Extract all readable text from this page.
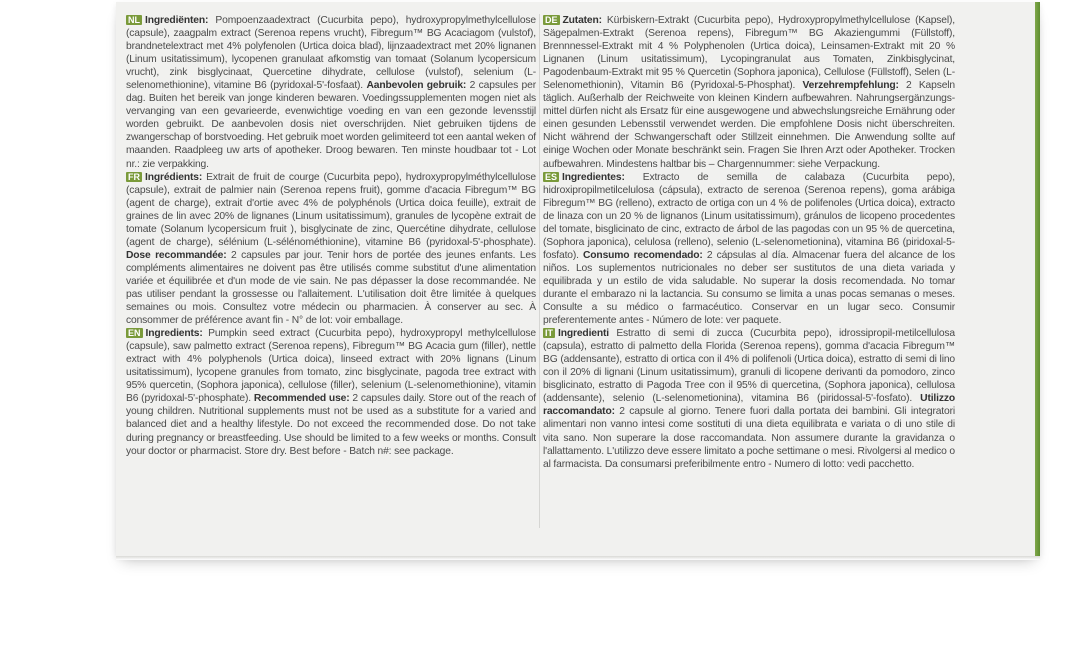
NL Ingrediënten: Pompoenzaadextract (Cucurbita pepo), hydroxypropylmethylcellulose (capsule), zaagpalm extract (Serenoa repens vrucht), Fibregum™ BG Acaciagom (vulstof), brandnetelextract met 4% polyfenolen (Urtica doica blad), lijnzaadextract met 20% lignanen (Linum usitatissimum), lycopenen granulaat afkomstig van tomaat (Solanum lycopersicum vrucht), zink bisglycinaat, Quercetine dihydrate, cellulose (vulstof), selenium (L-selenomethionine), vitamine B6 (pyridoxal-5'-fosfaat). Aanbevolen gebruik: 2 capsules per dag. Buiten het bereik van jonge kinderen bewaren. Voedingssupplementen mogen niet als vervanging van een gevarieerde, evenwichtige voeding en van een gezonde levensstijl worden gebruikt. De aanbevolen dosis niet overschrijden. Niet gebruiken tijdens de zwangerschap of borstvoeding. Het gebruik moet worden gelimiteerd tot een aantal weken of maanden. Raadpleeg uw arts of apotheker. Droog bewaren. Ten minste houdbaar tot - Lot nr.: zie verpakking.
FR Ingrédients: Extrait de fruit de courge (Cucurbita pepo), hydroxypropylméthylcellulose (capsule), extrait de palmier nain (Serenoa repens fruit), gomme d'acacia Fibregum™ BG (agent de charge), extrait d'ortie avec 4% de polyphénols (Urtica doica feuille), extrait de graines de lin avec 20% de lignanes (Linum usitatissimum), granules de lycopène extrait de tomate (Solanum lycopersicum fruit ), bisglycinate de zinc, Quercétine dihydrate, cellulose (agent de charge), sélénium (L-sélénométhionine), vitamine B6 (pyridoxal-5'-phosphate). Dose recommandée: 2 capsules par jour. Tenir hors de portée des jeunes enfants. Les compléments alimentaires ne doivent pas être utilisés comme substitut d'une alimentation variée et équilibrée et d'un mode de vie sain. Ne pas dépasser la dose recommandée. Ne pas utiliser pendant la grossesse ou l'allaitement. L'utilisation doit être limitée à quelques semaines ou mois. Consultez votre médecin ou pharmacien. À conserver au sec. À consommer de préférence avant fin - N° de lot: voir emballage.
EN Ingredients: Pumpkin seed extract (Cucurbita pepo), hydroxypropyl methylcellulose (capsule), saw palmetto extract (Serenoa repens), Fibregum™ BG Acacia gum (filler), nettle extract with 4% polyphenols (Urtica doica), linseed extract with 20% lignans (Linum usitatissimum), lycopene granules from tomato, zinc bisglycinate, pagoda tree extract with 95% quercetin, (Sophora japonica), cellulose (filler), selenium (L-selenomethionine), vitamin B6 (pyridoxal-5'-phosphate). Recommended use: 2 capsules daily. Store out of the reach of young children. Nutritional supplements must not be used as a substitute for a varied and balanced diet and a healthy lifestyle. Do not exceed the recommended dose. Do not take during pregnancy or breastfeeding. Use should be limited to a few weeks or months. Consult your doctor or pharmacist. Store dry. Best before - Batch n#: see package.
DE Zutaten: Kürbiskern-Extrakt (Cucurbita pepo), Hydroxypropylmethylcellulose (Kapsel), Sägepalmen-Extrakt (Serenoa repens), Fibregum™ BG Akaziengummi (Füllstoff), Brennnessel-Extrakt mit 4 % Polyphenolen (Urtica doica), Leinsamen-Extrakt mit 20 % Lignanen (Linum usitatissimum), Lycopingranulat aus Tomaten, Zinkbisglycinat, Pagodenbaum-Extrakt mit 95 % Quercetin (Sophora japonica), Cellulose (Füllstoff), Selen (L-Selenomethionin), Vitamin B6 (Pyridoxal-5-Phosphat). Verzehrempfehlung: 2 Kapseln täglich. Außerhalb der Reichweite von kleinen Kindern aufbewahren. Nahrungsergänzungs-mittel dürfen nicht als Ersatz für eine ausgewogene und abwechslungsreiche Ernährung oder einen gesunden Lebensstil verwendet werden. Die empfohlene Dosis nicht überschreiten. Nicht während der Schwangerschaft oder Stillzeit einnehmen. Die Anwendung sollte auf einige Wochen oder Monate beschränkt sein. Fragen Sie Ihren Arzt oder Apotheker. Trocken aufbewahren. Mindestens haltbar bis – Chargennummer: siehe Verpackung.
ES Ingredientes: Extracto de semilla de calabaza (Cucurbita pepo), hidroxipropilmetilcelulosa (cápsula), extracto de serenoa (Serenoa repens), goma arábiga Fibregum™ BG (relleno), extracto de ortiga con un 4 % de polifenoles (Urtica doica), extracto de linaza con un 20 % de lignanos (Linum usitatissimum), gránulos de licopeno procedentes del tomate, bisglicinato de cinc, extracto de árbol de las pagodas con un 95 % de quercetina, (Sophora japonica), celulosa (relleno), selenio (L-selenometionina), vitamina B6 (piridoxal-5-fosfato). Consumo recomendado: 2 cápsulas al día. Almacenar fuera del alcance de los niños. Los suplementos nutricionales no deber ser sustitutos de una dieta variada y equilibrada y un estilo de vida saludable. No superar la dosis recomendada. No tomar durante el embarazo ni la lactancia. Su consumo se limita a unas pocas semanas o meses. Consulte a su médico o farmacéutico. Conservar en un lugar seco. Consumir preferentemente antes - Número de lote: ver paquete.
IT Ingredienti Estratto di semi di zucca (Cucurbita pepo), idrossipropil-metilcellulosa (capsula), estratto di palmetto della Florida (Serenoa repens), gomma d'acacia Fibregum™ BG (addensante), estratto di ortica con il 4% di polifenoli (Urtica doica), estratto di semi di lino con il 20% di lignani (Linum usitatissimum), granuli di licopene derivanti da pomodoro, zinco bisglicinato, estratto di Pagoda Tree con il 95% di quercetina, (Sophora japonica), cellulosa (addensante), selenio (L-selenometionina), vitamina B6 (piridossal-5'-fosfato). Utilizzo raccomandato: 2 capsule al giorno. Tenere fuori dalla portata dei bambini. Gli integratori alimentari non vanno intesi come sostituti di una dieta equilibrata e variata o di uno stile di vita sano. Non superare la dose raccomandata. Non assumere durante la gravidanza o l'allattamento. L'utilizzo deve essere limitato a poche settimane o mesi. Rivolgersi al medico o al farmacista. Da consumarsi preferibilmente entro - Numero di lotto: vedi pacchetto.
